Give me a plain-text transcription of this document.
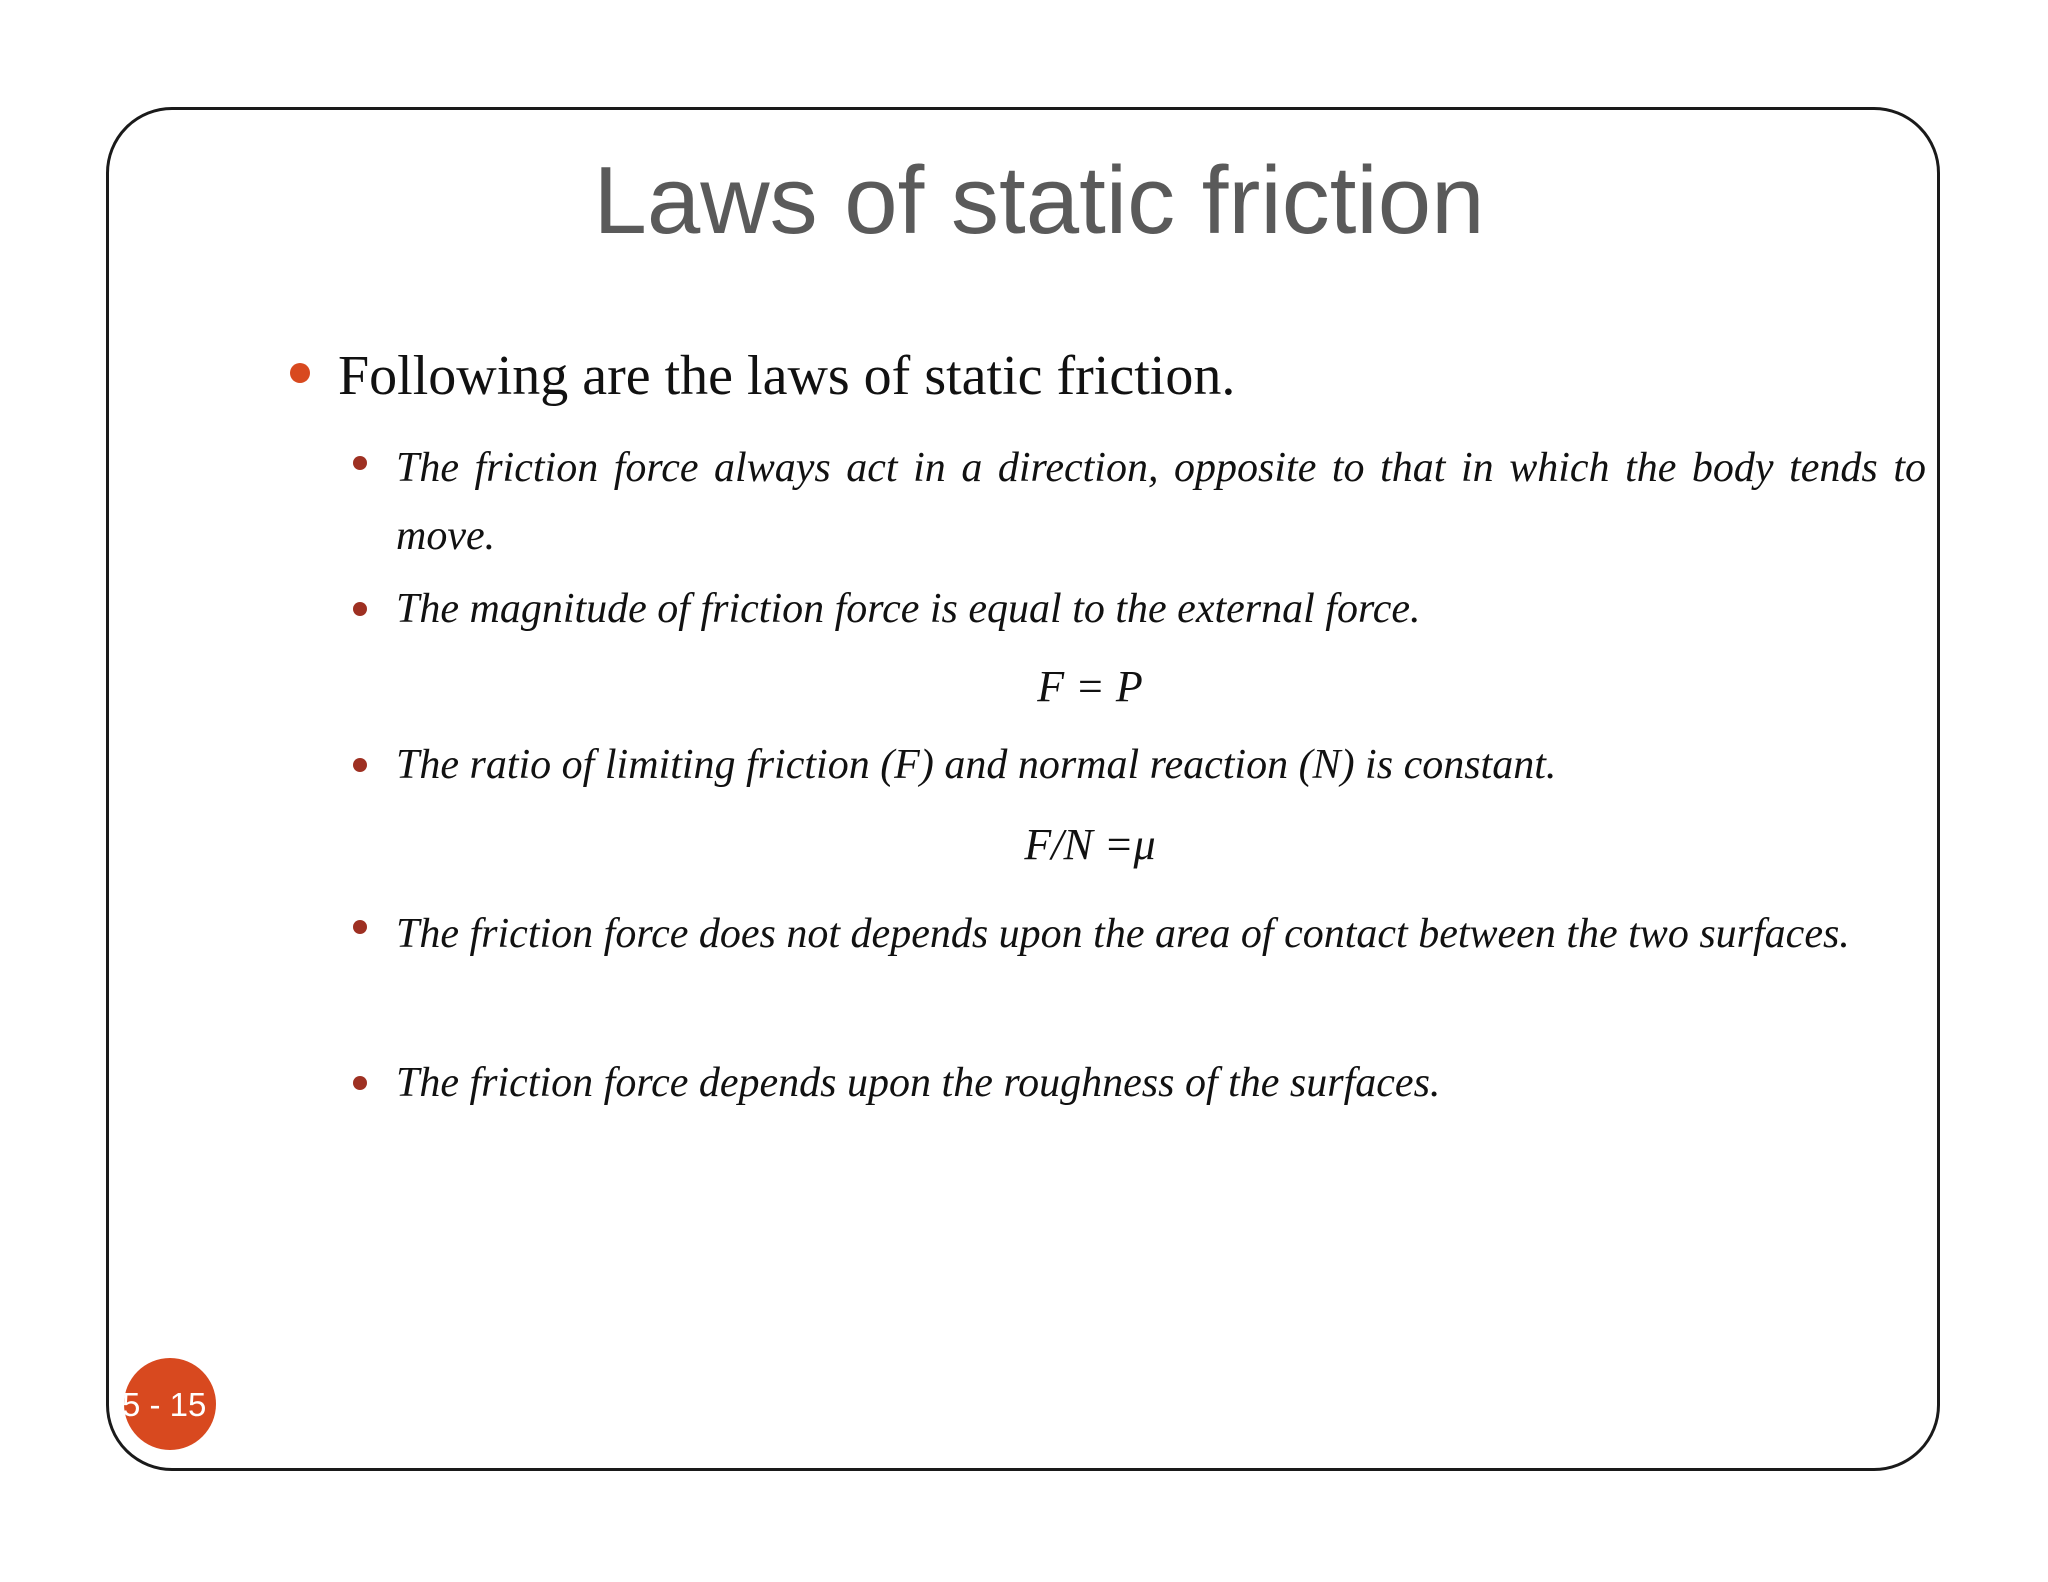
Laws of static friction
Following are the laws of static friction.
The friction force always act in a direction, opposite to that in which the body tends to move.
The magnitude of friction force is equal to the external force.
F = P
The ratio of limiting friction (F) and normal reaction (N) is constant.
F/N =μ
The friction force does not depends upon the area of contact between the two surfaces.
The friction force depends upon the roughness of the surfaces.
5 - 15
